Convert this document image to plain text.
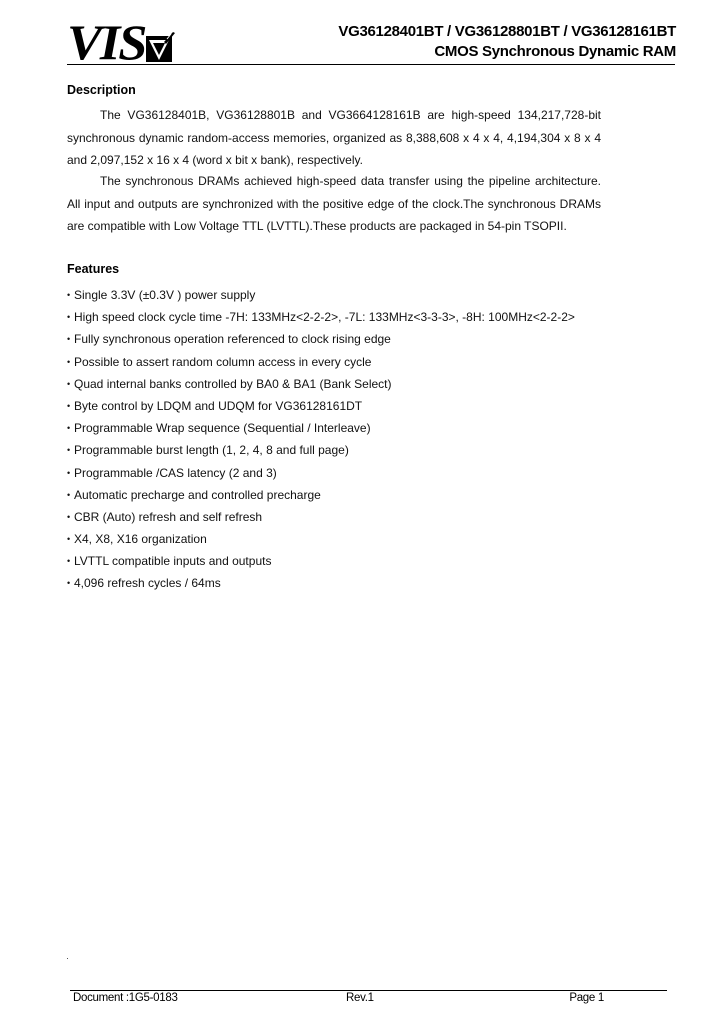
VIS	VG36128401BT / VG36128801BT / VG36128161BT
CMOS Synchronous Dynamic RAM
Description
The VG36128401B, VG36128801B and VG3664128161B are high-speed 134,217,728-bit synchronous dynamic random-access memories, organized as 8,388,608 x 4 x 4, 4,194,304 x 8 x 4 and 2,097,152 x 16 x 4 (word x bit x bank), respectively.
The synchronous DRAMs achieved high-speed data transfer using the pipeline architecture. All input and outputs are synchronized with the positive edge of the clock.The synchronous DRAMs are compatible with Low Voltage TTL (LVTTL).These products are packaged in 54-pin TSOPII.
Features
• Single 3.3V (±0.3V ) power supply
• High speed clock cycle time -7H: 133MHz<2-2-2>, -7L: 133MHz<3-3-3>, -8H: 100MHz<2-2-2>
• Fully synchronous operation referenced to clock rising edge
• Possible to assert random column access in every cycle
• Quad internal banks controlled by BA0 & BA1 (Bank Select)
• Byte control by LDQM and UDQM for VG36128161DT
• Programmable Wrap sequence (Sequential / Interleave)
• Programmable burst length (1, 2, 4, 8 and full page)
• Programmable /CAS latency (2 and 3)
• Automatic precharge and controlled precharge
• CBR (Auto) refresh and self refresh
• X4, X8, X16 organization
• LVTTL compatible inputs and outputs
• 4,096 refresh cycles / 64ms
Document :1G5-0183	Rev.1	Page 1
